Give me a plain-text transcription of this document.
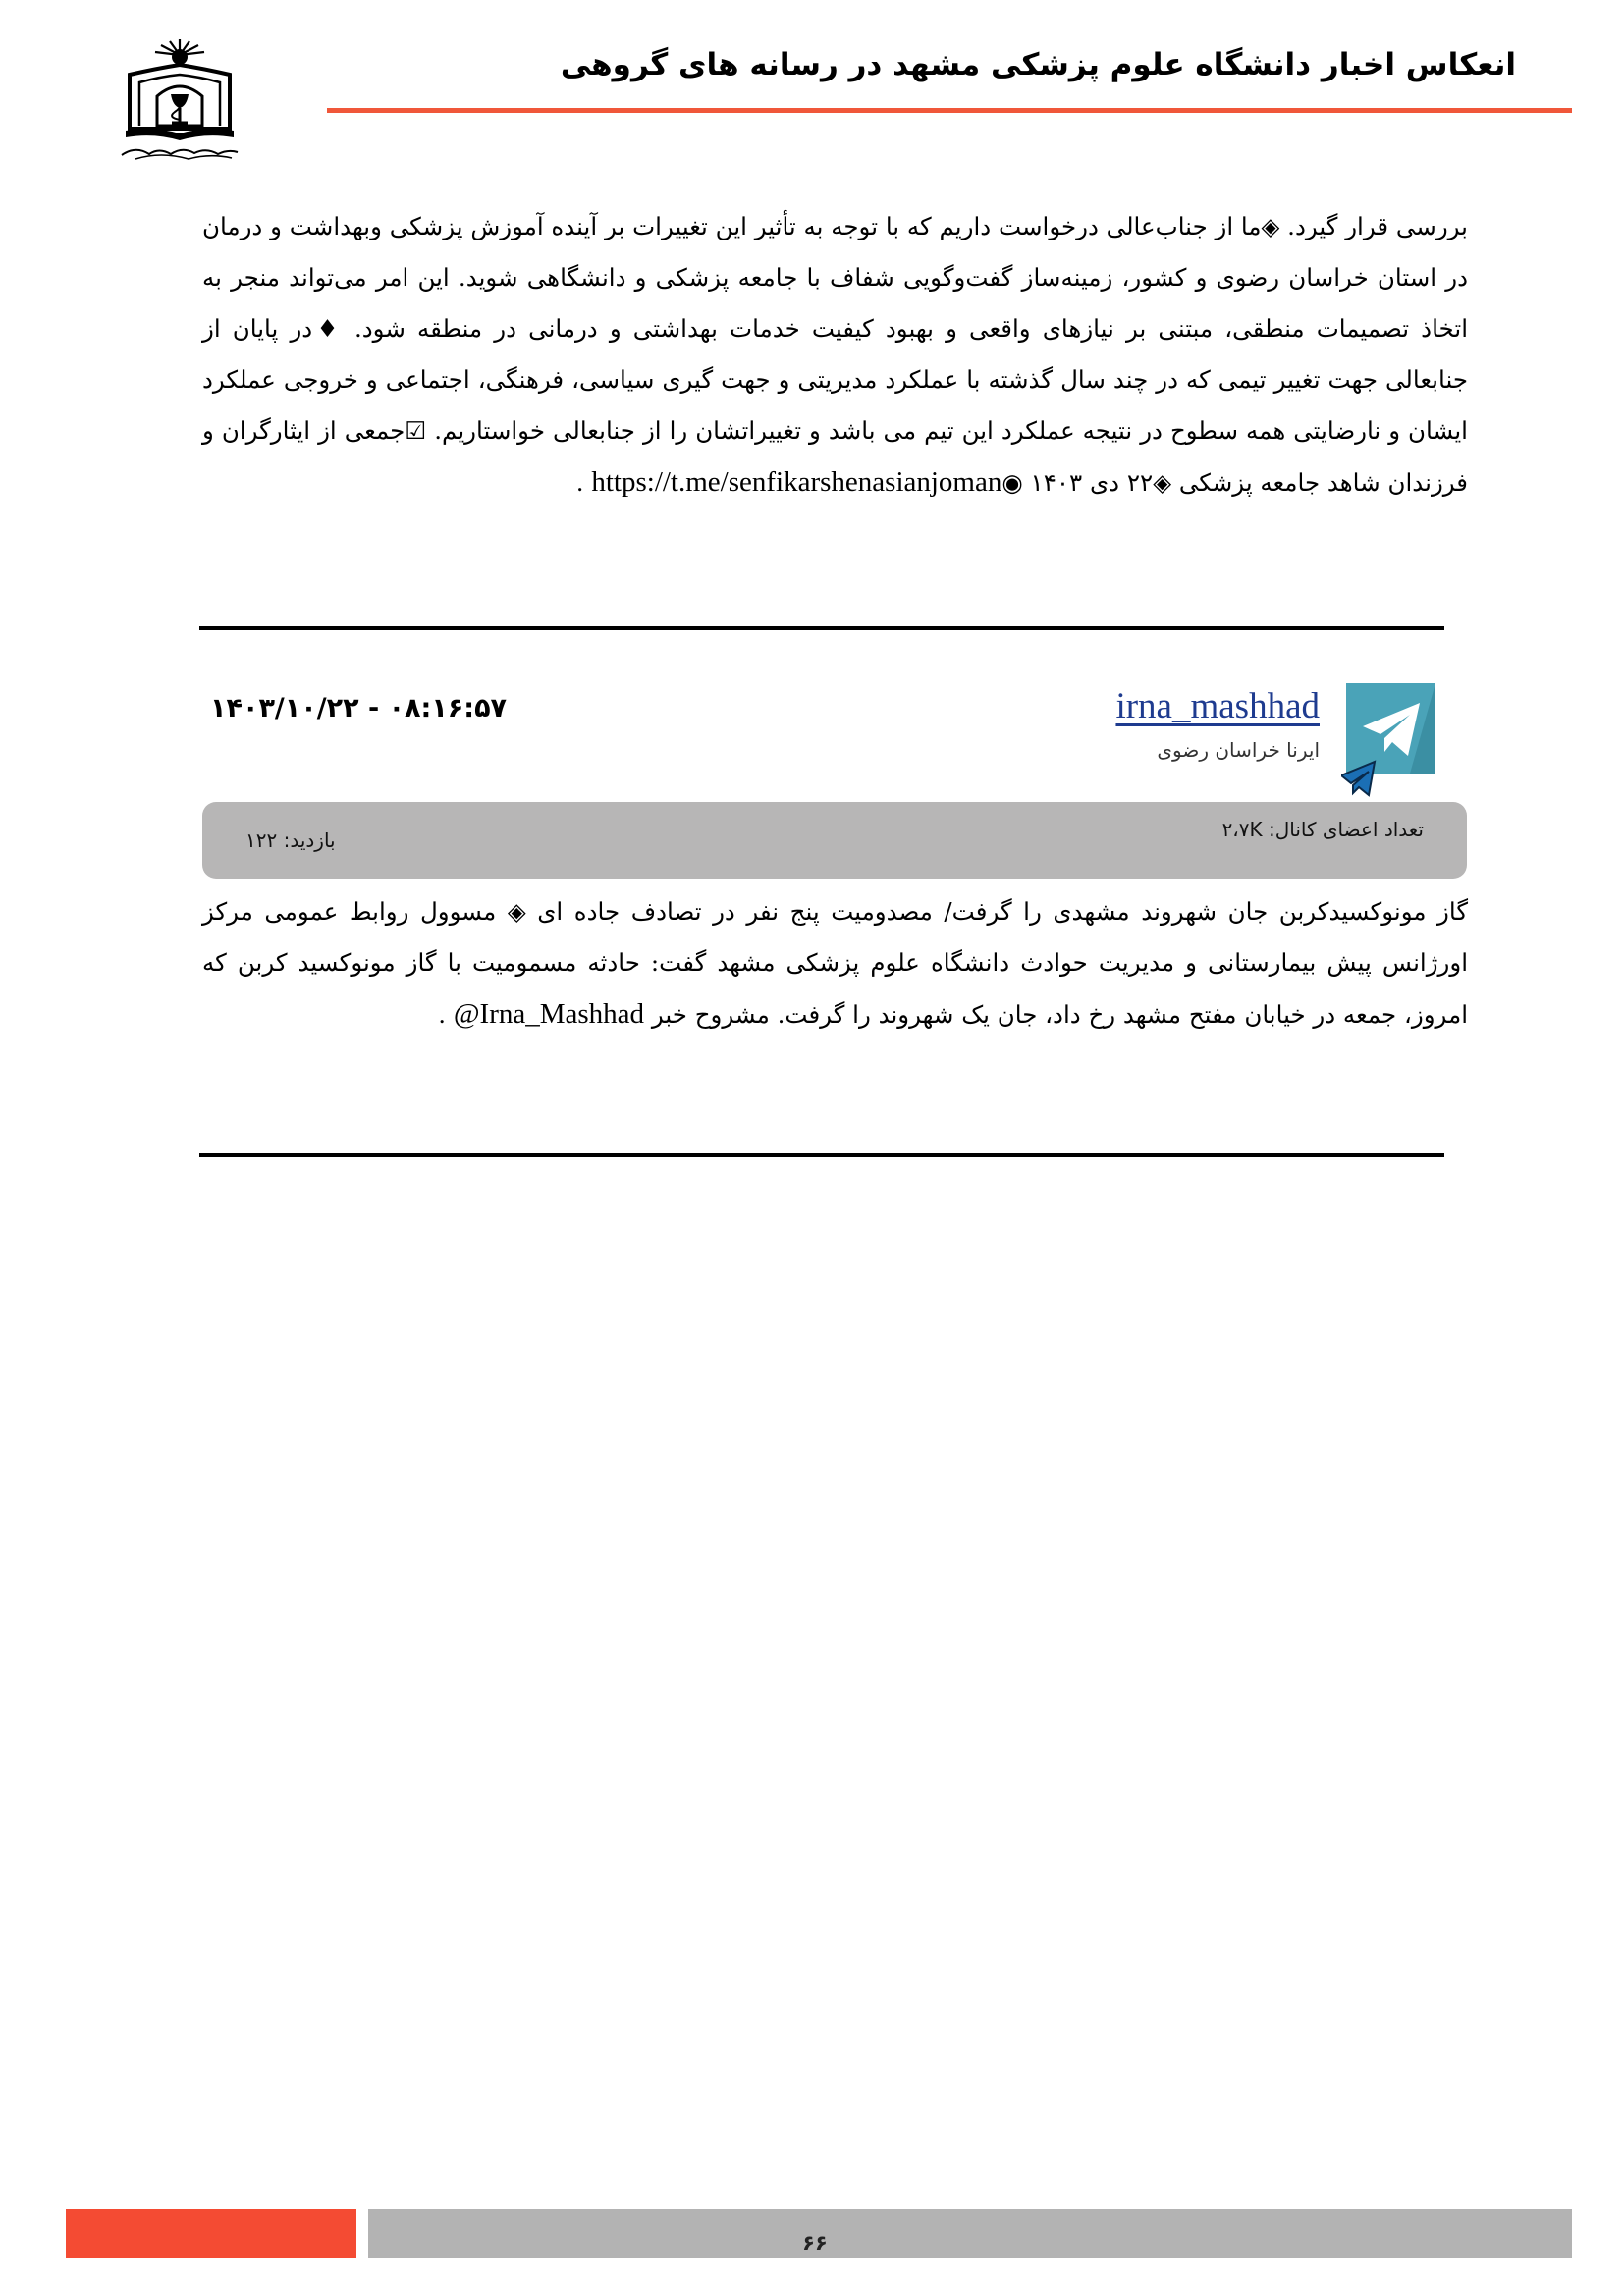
انعکاس اخبار دانشگاه علوم پزشکی مشهد در رسانه های گروهی

بررسی قرار گیرد. ◈ما از جناب‌عالی درخواست داریم که با توجه به تأثیر این تغییرات بر آینده آموزش پزشکی وبهداشت و درمان در استان خراسان رضوی و کشور، زمینه‌ساز گفت‌وگویی شفاف با جامعه پزشکی و دانشگاهی شوید. این امر می‌تواند منجر به اتخاذ تصمیمات منطقی، مبتنی بر نیازهای واقعی و بهبود کیفیت خدمات بهداشتی و درمانی در منطقه شود. ♦در پایان از جنابعالی جهت تغییر تیمی که در چند سال گذشته با عملکرد مدیریتی و جهت گیری سیاسی، فرهنگی، اجتماعی و خروجی عملکرد ایشان و نارضایتی همه سطوح در نتیجه عملکرد این تیم می باشد و تغییراتشان را از جنابعالی خواستاریم. ☑جمعی از ایثارگران و فرزندان شاهد جامعه پزشکی ◈۲۲ دی ۱۴۰۳ ◉https://t.me/senfikarshenasianjoman .

irna_mashhad
ایرنا خراسان رضوی
۱۴۰۳/۱۰/۲۲ - ۰۸:۱۶:۵۷
تعداد اعضای کانال: ۲،۷K
بازدید: ۱۲۲

گاز مونوکسیدکربن جان شهروند مشهدی را گرفت/ مصدومیت پنج نفر در تصادف جاده ای ◈ مسوول روابط عمومی مرکز اورژانس پیش بیمارستانی و مدیریت حوادث دانشگاه علوم پزشکی مشهد گفت: حادثه مسمومیت با گاز مونوکسید کربن که امروز، جمعه در خیابان مفتح مشهد رخ داد، جان یک شهروند را گرفت. مشروح خبر @Irna_Mashhad .

۶۶
